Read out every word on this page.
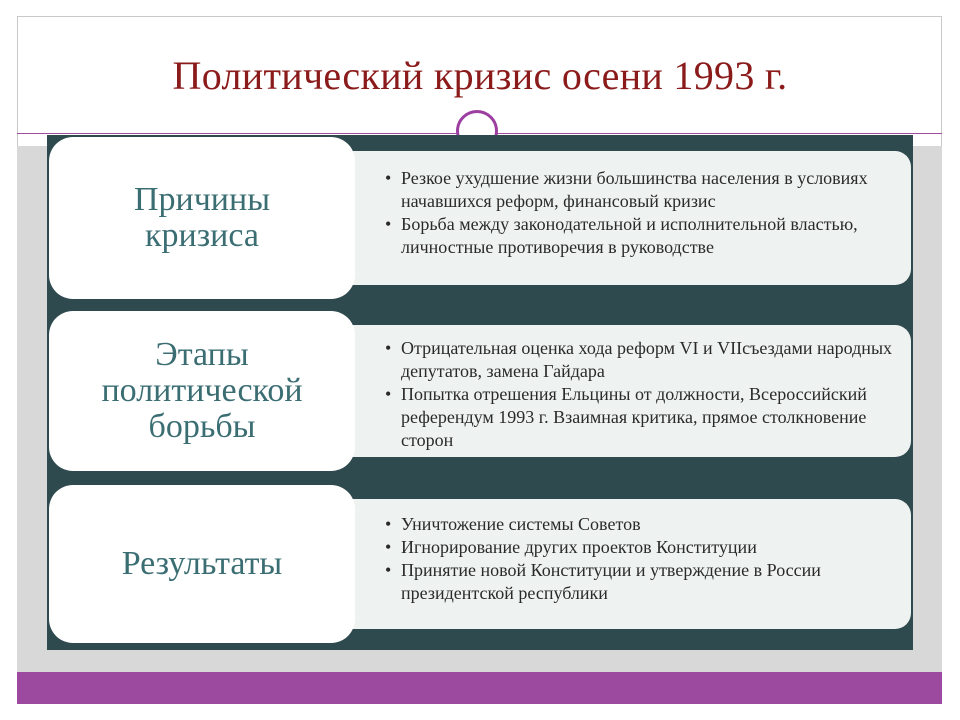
Политический кризис осени 1993 г.
Причины
кризиса
• Резкое ухудшение жизни большинства населения в условиях начавшихся реформ, финансовый кризис
• Борьба между законодательной и исполнительной властью, личностные противоречия в руководстве
Этапы
политической
борьбы
• Отрицательная оценка хода реформ VI и VIIсъездами народных депутатов, замена Гайдара
• Попытка отрешения Ельцины от должности, Всероссийский референдум 1993 г. Взаимная критика, прямое столкновение сторон
Результаты
• Уничтожение системы Советов
• Игнорирование других проектов Конституции
• Принятие новой Конституции и утверждение в России президентской республики
